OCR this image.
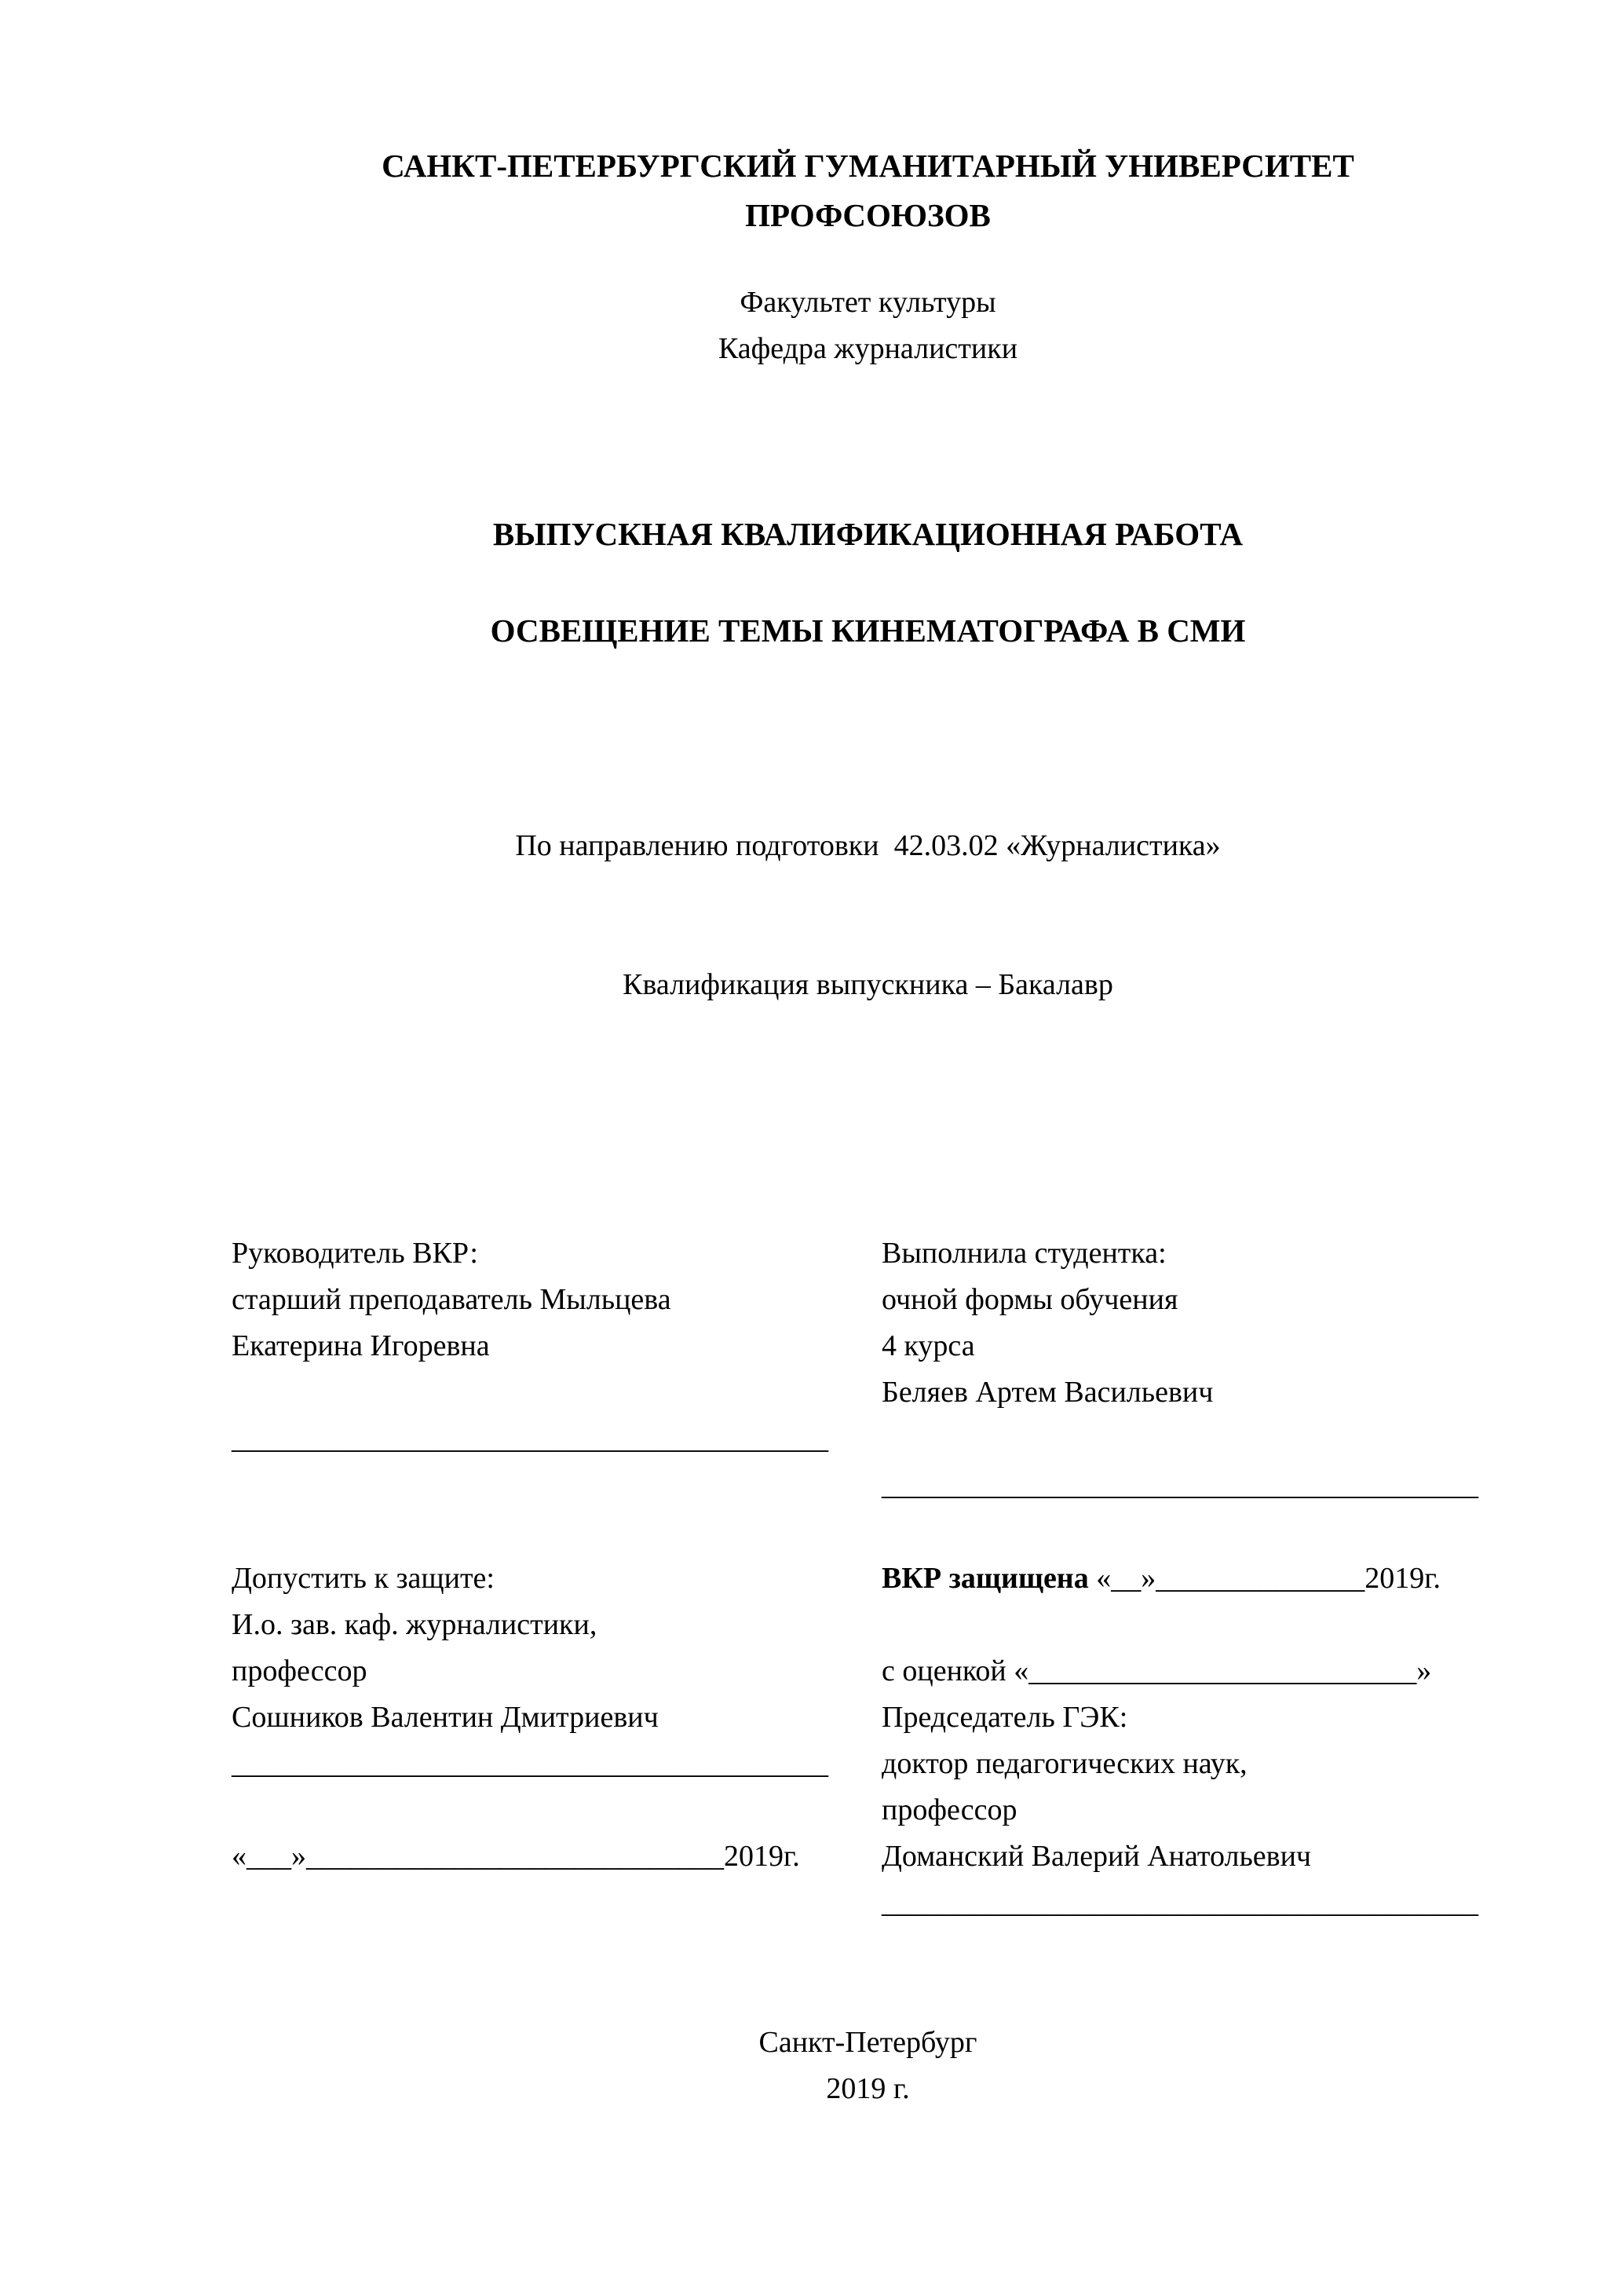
САНКТ-ПЕТЕРБУРГСКИЙ ГУМАНИТАРНЫЙ УНИВЕРСИТЕТ
ПРОФСОЮЗОВ
Факультет культуры
Кафедра журналистики
ВЫПУСКНАЯ КВАЛИФИКАЦИОННАЯ РАБОТА
ОСВЕЩЕНИЕ ТЕМЫ КИНЕМАТОГРАФА В СМИ

По направлению подготовки  42.03.02 «Журналистика»

Квалификация выпускника – Бакалавр

Руководитель ВКР:
старший преподаватель Мыльцева
Екатерина Игоревна
________________________________________
Выполнила студентка:
очной формы обучения
4 курса
Беляев Артем Васильевич
________________________________________
Допустить к защите:
И.о. зав. каф. журналистики,
профессор
Сошников Валентин Дмитриевич
________________________________________
«___»____________________________2019г.
ВКР защищена «__»______________2019г.
с оценкой «__________________________»
Председатель ГЭК:
доктор педагогических наук,
профессор
Доманский Валерий Анатольевич
________________________________________
Санкт-Петербург
2019 г.
